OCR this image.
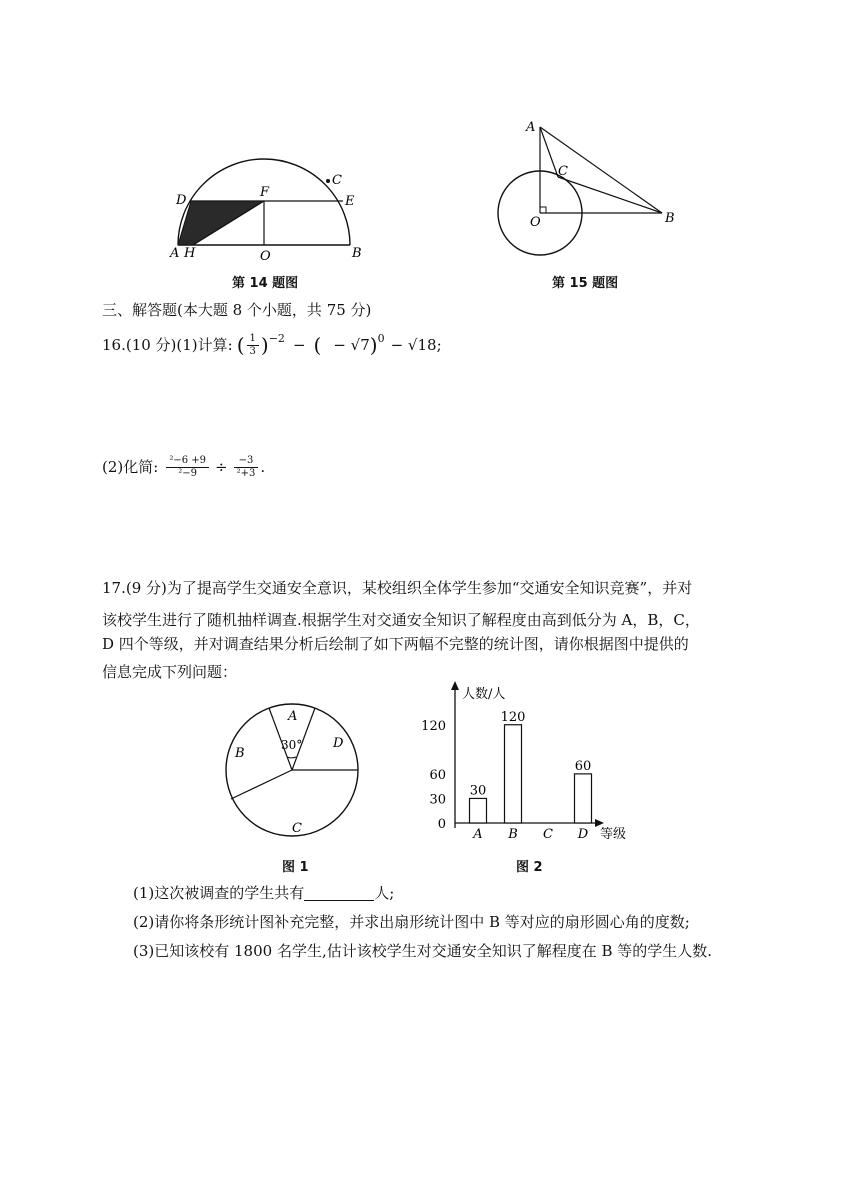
A H	O	B
D
F
E
C
第 14 题图
A
C
O	B
第 15 题图
三、解答题(本大题 8 个小题，共 75 分)
16.(10 分)(1)计算: ( $\frac{1}{3} )^{-2}$ − ( − √7 )$^0$ − √18;
(2)化简: $\frac{\text{²−6 +9}}{\text{²−9}} \div \frac{-3}{\text{²+3}}$ .
17.(9 分)为了提高学生交通安全意识，某校组织全体学生参加“交通安全知识竞赛”，并对
该校学生进行了随机抽样调查.根据学生对交通安全知识了解程度由高到低分为 A，B，C，
D 四个等级，并对调查结果分析后绘制了如下两幅不完整的统计图，请你根据图中提供的
信息完成下列问题：
A
B
C
D
30°
图 1
人数/人
等级
0
30
60
120
A
30
B
120
C D
60
图 2
(1)这次被调查的学生共有	人;
(2)请你将条形统计图补充完整，并求出扇形统计图中 B 等对应的扇形圆心角的度数;
(3)已知该校有 1800 名学生,估计该校学生对交通安全知识了解程度在 B 等的学生人数.
